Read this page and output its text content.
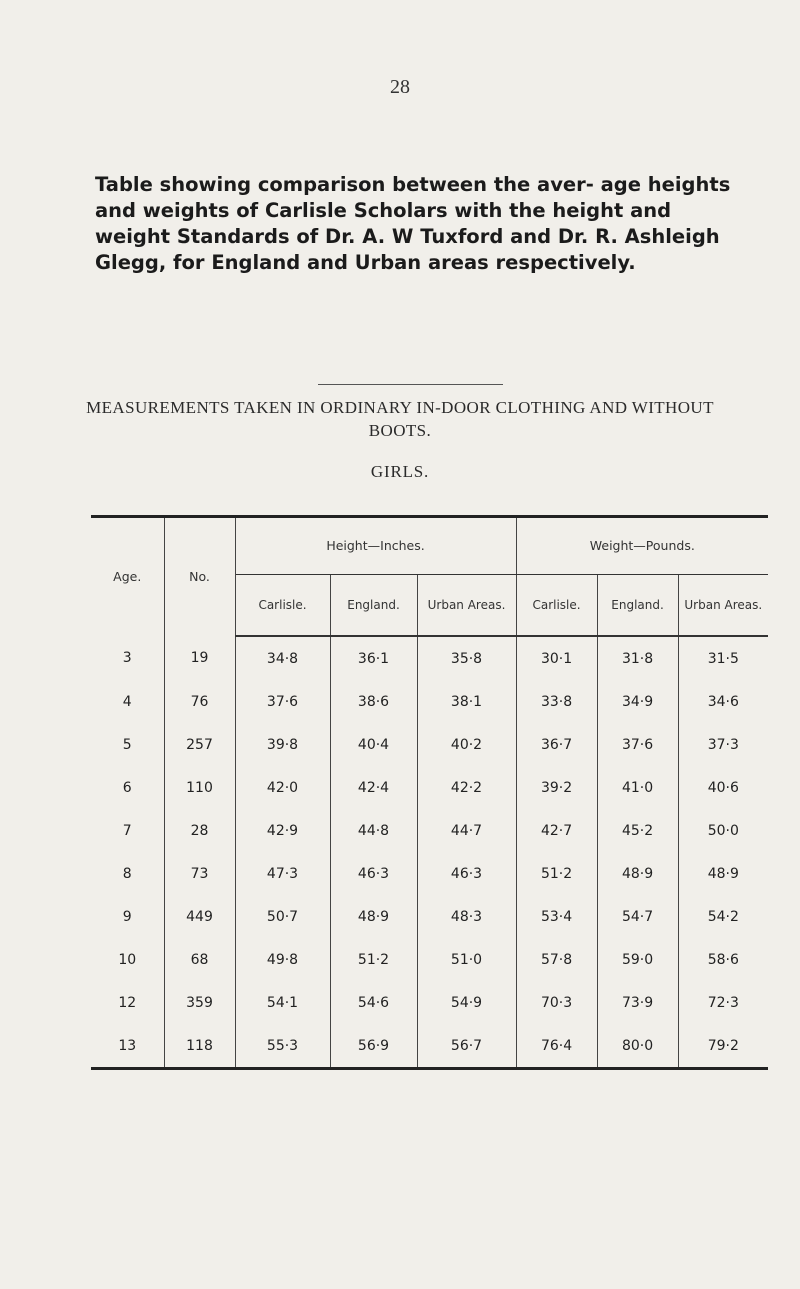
28
Table showing comparison between the aver- age heights and weights of Carlisle Scholars with the height and weight Standards of Dr. A. W Tuxford and Dr. R. Ashleigh Glegg, for England and Urban areas respectively.
MEASUREMENTS TAKEN IN ORDINARY IN-DOOR CLOTHING AND WITHOUT BOOTS.
GIRLS.
Age.	No.	Height—Inches.			Weight—Pounds.		
		Carlisle.	England.	Urban Areas.	Carlisle.	England.	Urban Areas.
3	19	34·8	36·1	35·8	30·1	31·8	31·5
4	76	37·6	38·6	38·1	33·8	34·9	34·6
5	257	39·8	40·4	40·2	36·7	37·6	37·3
6	110	42·0	42·4	42·2	39·2	41·0	40·6
7	28	42·9	44·8	44·7	42·7	45·2	50·0
8	73	47·3	46·3	46·3	51·2	48·9	48·9
9	449	50·7	48·9	48·3	53·4	54·7	54·2
10	68	49·8	51·2	51·0	57·8	59·0	58·6
12	359	54·1	54·6	54·9	70·3	73·9	72·3
13	118	55·3	56·9	56·7	76·4	80·0	79·2
